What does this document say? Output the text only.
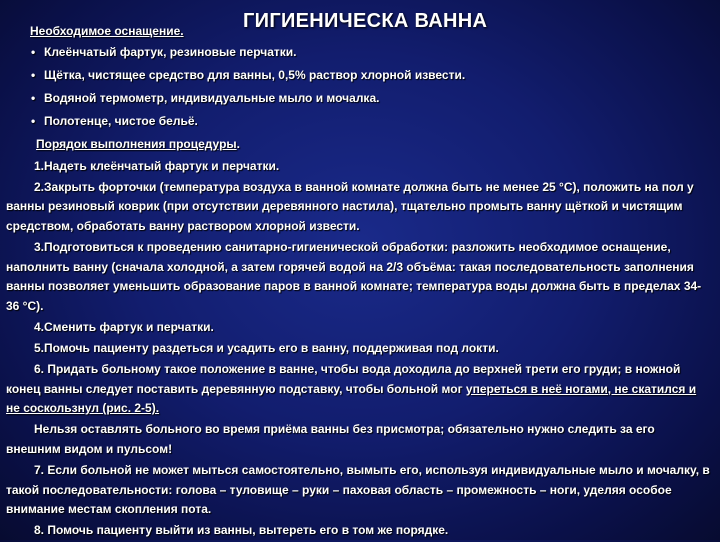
Необходимое оснащение.	ГИГИЕНИЧЕСКА ВАННА
• Клеёнчатый фартук, резиновые перчатки.
• Щётка, чистящее средство для ванны, 0,5% раствор хлорной извести.
• Водяной термометр, индивидуальные мыло и мочалка.
• Полотенце, чистое бельё.
Порядок выполнения процедуры.

1.Надеть клеёнчатый фартук и перчатки.

2.Закрыть форточки (температура воздуха в ванной комнате должна быть не менее 25 °С), положить на пол у ванны резиновый коврик (при отсутствии деревянного настила), тщательно промыть ванну щёткой и чистящим средством, обработать ванну раствором хлорной извести.

3.Подготовиться к проведению санитарно-гигиенической обработки: разложить необходимое оснащение, наполнить ванну (сначала холодной, а затем горячей водой на 2/3 объёма: такая последовательность заполнения ванны позволяет уменьшить образование паров в ванной комнате; температура воды должна быть в пределах 34-36 °С).

4.Сменить фартук и перчатки.

5.Помочь пациенту раздеться и усадить его в ванну, поддерживая под локти.

6. Придать больному такое положение в ванне, чтобы вода доходила до верхней трети его груди; в ножной конец ванны следует поставить деревянную подставку, чтобы больной мог упереться в неё ногами, не скатился и не соскользнул (рис. 2-5).

Нельзя оставлять больного во время приёма ванны без присмотра; обязательно нужно следить за его внешним видом и пульсом!

7. Если больной не может мыться самостоятельно, вымыть его, используя индивидуальные мыло и мочалку, в такой последовательности: голова – туловище – руки – паховая область – промежность – ноги, уделяя особое внимание местам скопления пота.

8. Помочь пациенту выйти из ванны, вытереть его в том же порядке.
